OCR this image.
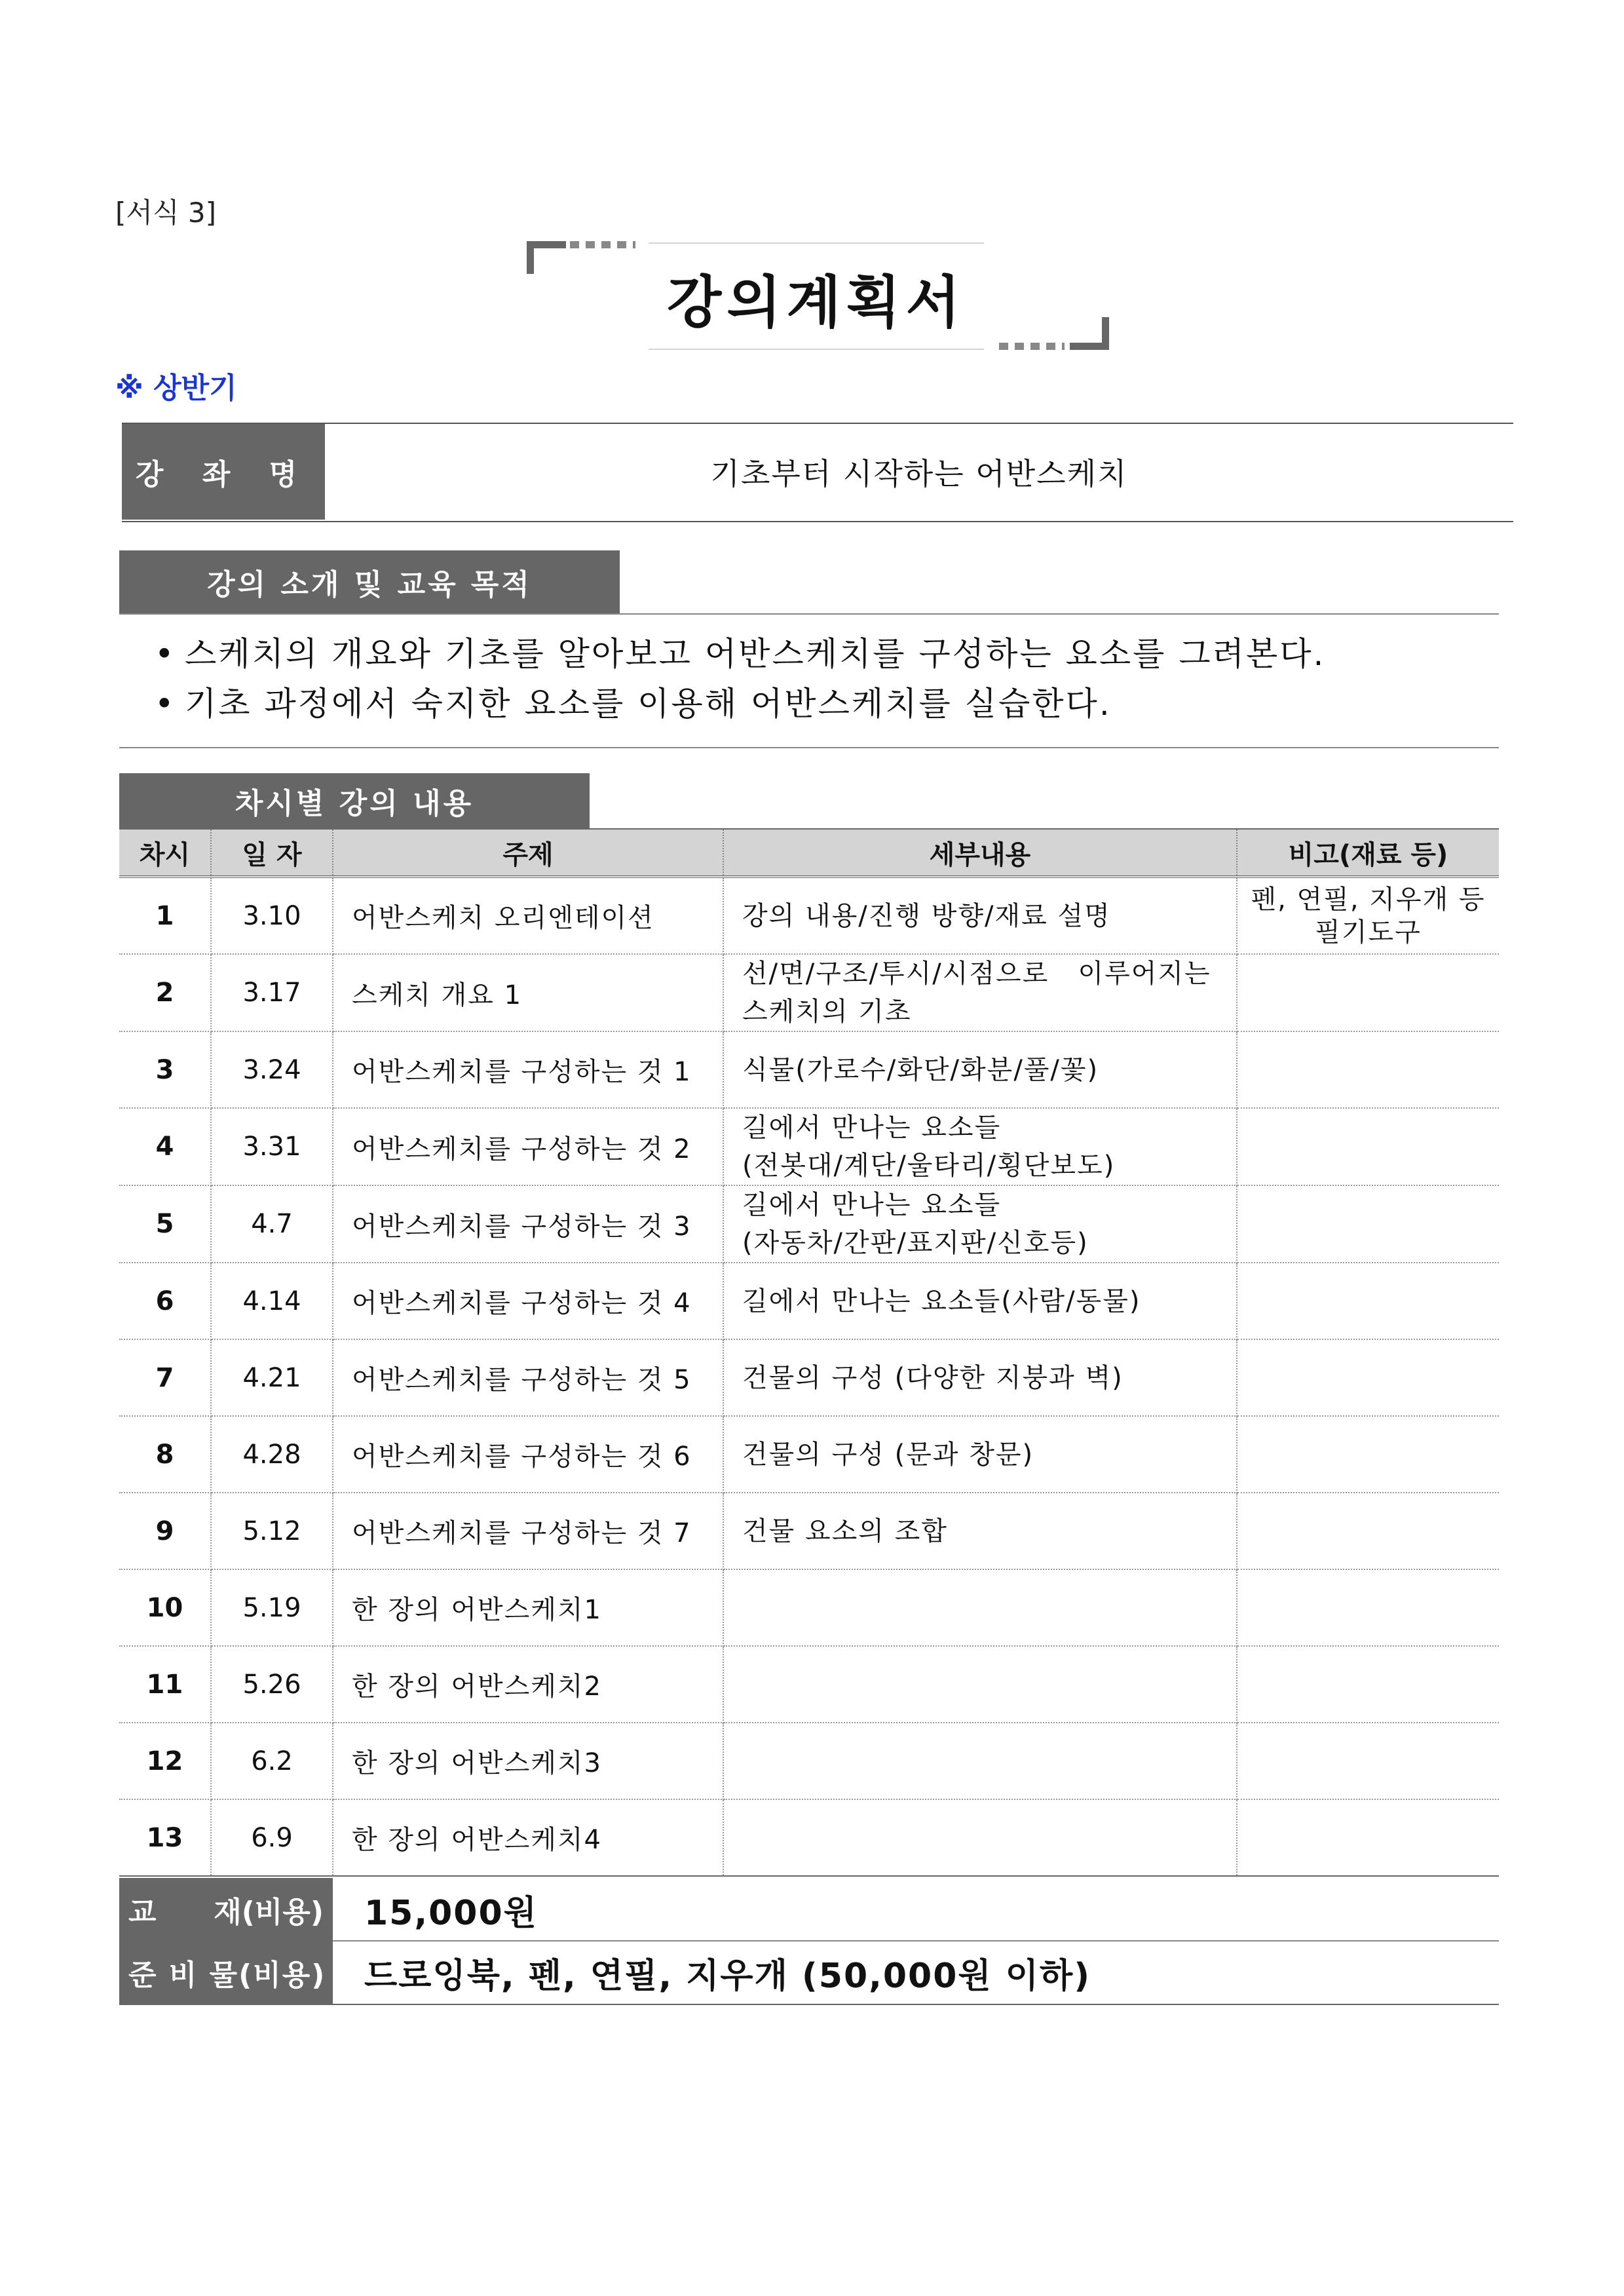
[서식 3]
강의계획서
※ 상반기
강 좌 명	기초부터 시작하는 어반스케치
강의 소개 및 교육 목적
• 스케치의 개요와 기초를 알아보고 어반스케치를 구성하는 요소를 그려본다.
• 기초 과정에서 숙지한 요소를 이용해 어반스케치를 실습한다.
차시별 강의 내용
차시	일 자	주제	세부내용	비고(재료 등)
1	3.10	어반스케치 오리엔테이션	강의 내용/진행 방향/재료 설명	펜, 연필, 지우개 등
필기도구

2	3.17	스케치 개요 1	선/면/구조/투시/시점으로   이루어지는
스케치의 기초	

3	3.24	어반스케치를 구성하는 것 1	식물(가로수/화단/화분/풀/꽃)	

4	3.31	어반스케치를 구성하는 것 2	길에서 만나는 요소들
(전봇대/계단/울타리/횡단보도)	

5	4.7	어반스케치를 구성하는 것 3	길에서 만나는 요소들
(자동차/간판/표지판/신호등)	

6	4.14	어반스케치를 구성하는 것 4	길에서 만나는 요소들(사람/동물)	

7	4.21	어반스케치를 구성하는 것 5	건물의 구성 (다양한 지붕과 벽)	

8	4.28	어반스케치를 구성하는 것 6	건물의 구성 (문과 창문)	

9	5.12	어반스케치를 구성하는 것 7	건물 요소의 조합	

10	5.19	한 장의 어반스케치1		
11	5.26	한 장의 어반스케치2		
12	6.2	한 장의 어반스케치3		
13	6.9	한 장의 어반스케치4		
교 재(비용) 15,000원
준 비 물(비용) 드로잉북, 펜, 연필, 지우개 (50,000원 이하)
